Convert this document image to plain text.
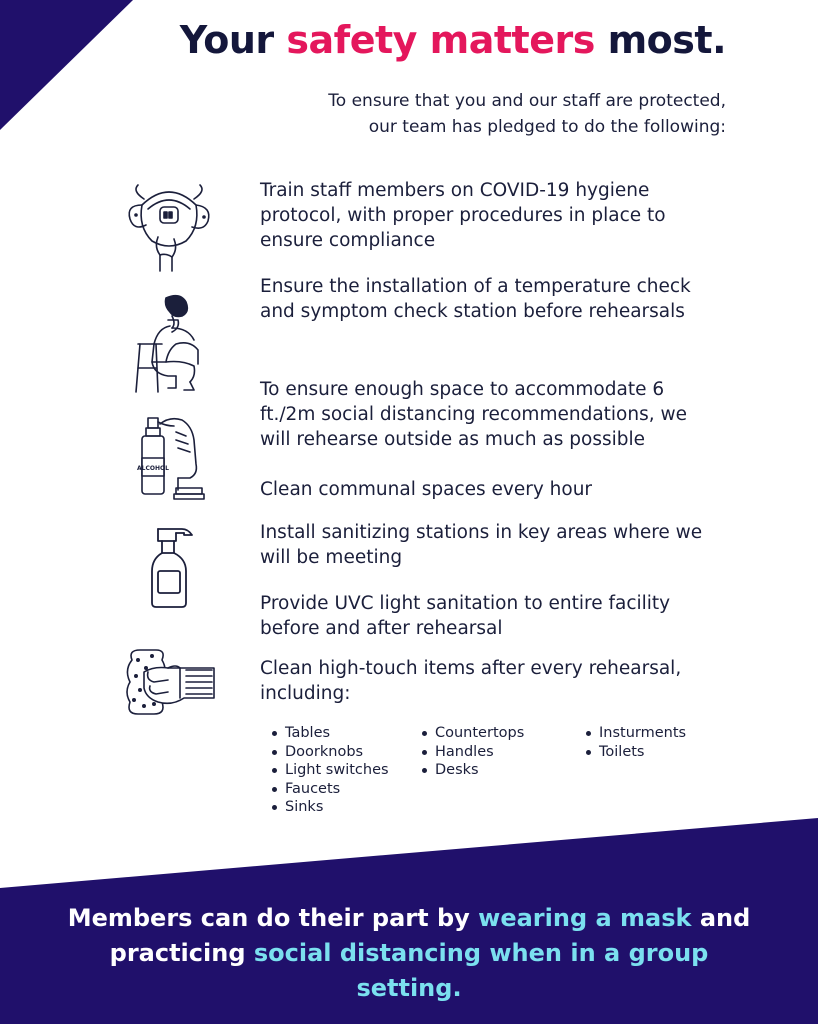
Your safety matters most.
To ensure that you and our staff are protected,
our team has pledged to do the following:
ALCOHOL

Train staff members on COVID-19 hygiene protocol, with proper procedures in place to ensure compliance

Ensure the installation of a temperature check and symptom check station before rehearsals

To ensure enough space to accommodate 6 ft./2m social distancing recommendations, we will rehearse outside as much as possible

Clean communal spaces every hour

Install sanitizing stations in key areas where we will be meeting

Provide UVC light sanitation to entire facility before and after rehearsal

Clean high-touch items after every rehearsal, including:

Tables
Doorknobs
Light switches
Faucets
Sinks
Countertops
Handles
Desks
Insturments
Toilets

Members can do their part by wearing a mask and practicing social distancing when in a group setting.
